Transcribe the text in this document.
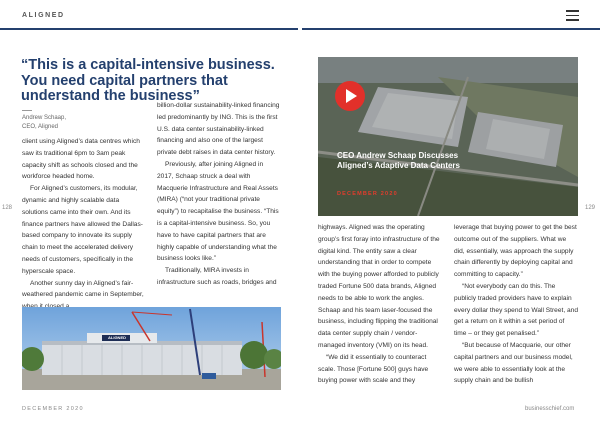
ALIGNED
128	129
“This is a capital-intensive business. You need capital partners that understand the business”
Andrew Schaap,
CEO, Aligned

client using Aligned’s data centres which saw its traditional 6pm to 3am peak capacity shift as schools closed and the workforce headed home.

For Aligned’s customers, its modular, dynamic and highly scalable data solutions came into their own. And its finance partners have allowed the Dallas-based company to innovate its supply chain to meet the accelerated delivery needs of customers, specifically in the hyperscale space.

Another sunny day in Aligned’s fair-weathered pandemic came in September,

billion-dollar sustainability-linked financing led predominantly by ING. This is the first U.S. data center sustainability-linked financing and also one of the largest private debt raises in data center history.

Previously, after joining Aligned in 2017, Schaap struck a deal with Macquerie Infrastructure and Real Assets (MIRA) (“not your traditional private equity”) to recapitalise the business. “This is a capital-intensive business. So, you have to have capital partners that are highly capable of understanding what the business looks like.”

Traditionally, MIRA invests in infrastructure such as roads, bridges and

ALIGNED
CEO Andrew Schaap Discusses
Aligned’s Adaptive Data Centers
DECEMBER 2020

highways. Aligned was the operating group’s first foray into infrastructure of the digital kind. The entity saw a clear understanding that in order to compete with the buying power afforded to publicly traded Fortune 500 data brands, Aligned needs to be able to work the angles. Schaap and his team laser-focused the business, including flipping the traditional data center supply chain / vendor-managed inventory (VMI) on its head.

“We did it essentially to counteract scale. Those [Fortune 500] guys have buying power with scale and they

leverage that buying power to get the best outcome out of the suppliers. What we did, essentially, was approach the supply chain differently by deploying capital and committing to capacity.”

“Not everybody can do this. The publicly traded providers have to explain every dollar they spend to Wall Street, and get a return on it within a set period of time – or they get penalised.”

“But because of Macquarie, our other capital partners and our business model, we were able to essentially look at the supply chain and be bullish

DECEMBER 2020	businesschief.com
